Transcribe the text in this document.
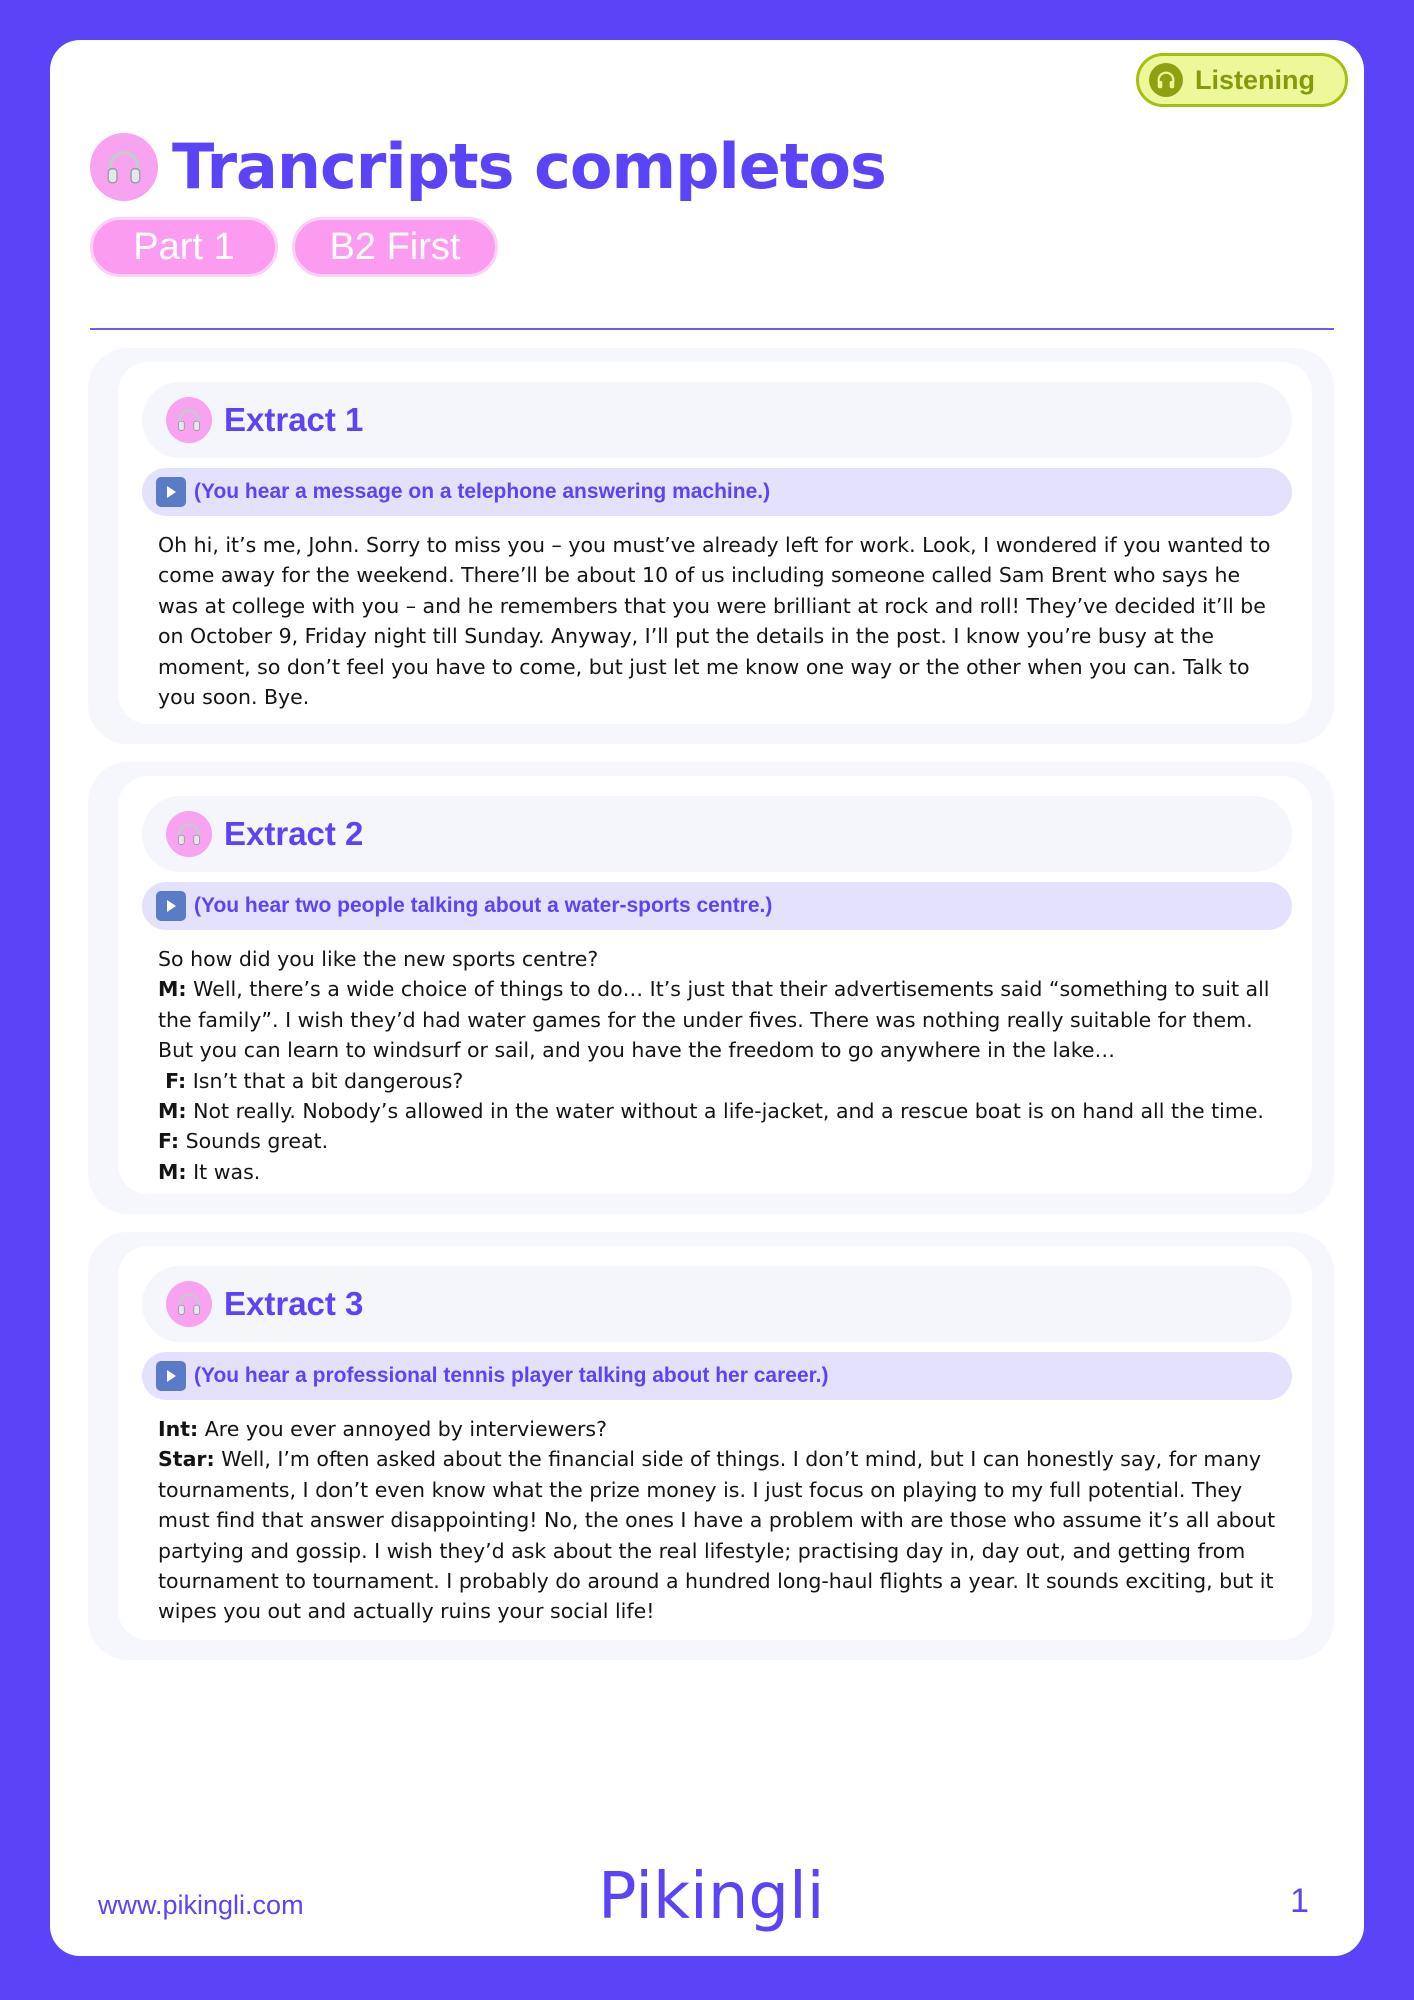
Listening
Trancripts completos
Part 1	B2 First
Extract 1
(You hear a message on a telephone answering machine.)
Oh hi, it’s me, John. Sorry to miss you – you must’ve already left for work. Look, I wondered if you wanted to come away for the weekend. There’ll be about 10 of us including someone called Sam Brent who says he was at college with you – and he remembers that you were brilliant at rock and roll! They’ve decided it’ll be on October 9, Friday night till Sunday. Anyway, I’ll put the details in the post. I know you’re busy at the moment, so don’t feel you have to come, but just let me know one way or the other when you can. Talk to you soon. Bye.
Extract 2
(You hear two people talking about a water-sports centre.)
So how did you like the new sports centre?
M: Well, there’s a wide choice of things to do… It’s just that their advertisements said “something to suit all the family”. I wish they’d had water games for the under fives. There was nothing really suitable for them. But you can learn to windsurf or sail, and you have the freedom to go anywhere in the lake…
F: Isn’t that a bit dangerous?
M: Not really. Nobody’s allowed in the water without a life-jacket, and a rescue boat is on hand all the time.
F: Sounds great.
M: It was.
Extract 3
(You hear a professional tennis player talking about her career.)
Int: Are you ever annoyed by interviewers?
Star: Well, I’m often asked about the financial side of things. I don’t mind, but I can honestly say, for many tournaments, I don’t even know what the prize money is. I just focus on playing to my full potential. They must find that answer disappointing! No, the ones I have a problem with are those who assume it’s all about partying and gossip. I wish they’d ask about the real lifestyle; practising day in, day out, and getting from tournament to tournament. I probably do around a hundred long-haul flights a year. It sounds exciting, but it wipes you out and actually ruins your social life!
www.pikingli.com	Pikingli	1
